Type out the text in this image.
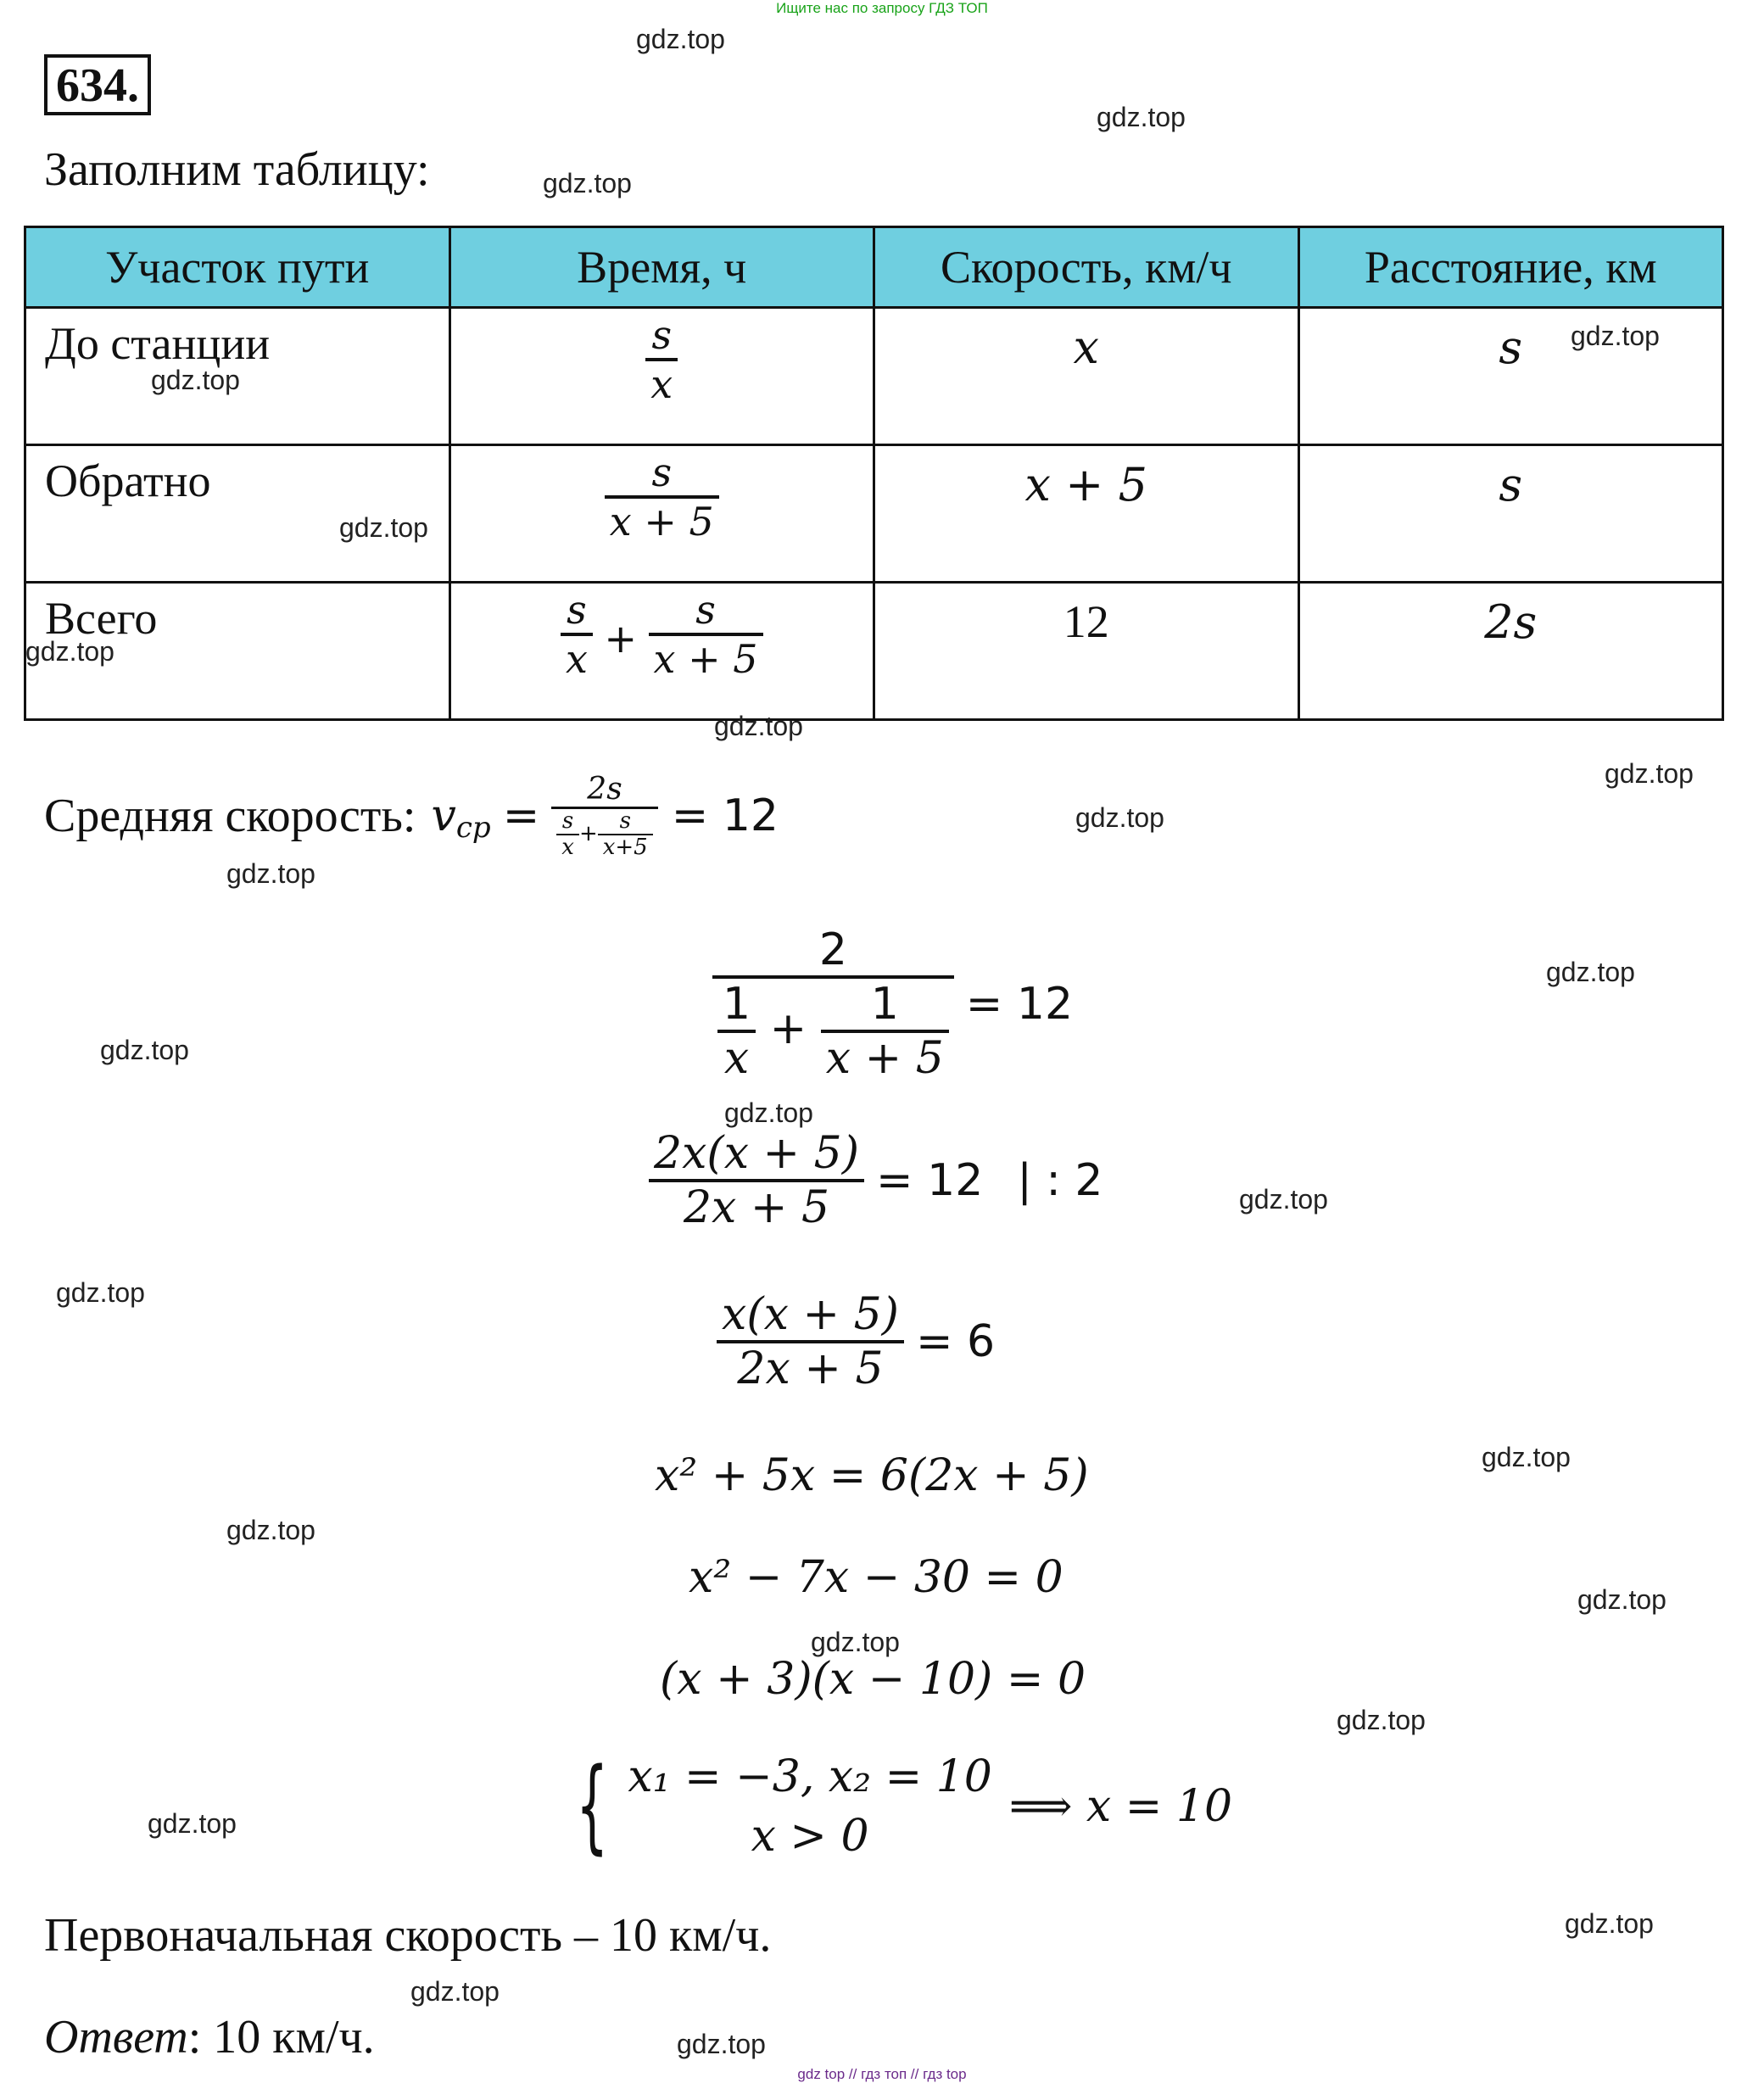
Ищите нас по запросу ГДЗ ТОП
634.
Заполним таблицу:
Участок пути	Время, ч	Скорость, км/ч	Расстояние, км
До станции	$\frac{s}{x}$	x	s
Обратно	$\frac{s}{x + 5}$	x + 5	s
Всего	$\frac{s}{x} + \frac{s}{x + 5}$	12	2s
Средняя скорость: v ср = $\frac{2s}{\frac{s}{x} + \frac{s}{x+5}} = 12$
$\frac{2}{\frac{1}{x} + \frac{1}{x + 5}} = 12$
$\frac{2x(x + 5)}{2x + 5} = 12$ | : 2
$\frac{x(x + 5)}{2x + 5} = 6$
x² + 5x = 6(2x + 5)
x² − 7x − 30 = 0
(x + 3)(x − 10) = 0
{ x₁ = −3, x₂ = 10
x > 0
⟹ x = 10
Первоначальная скорость – 10 км/ч.
Ответ: 10 км/ч.
gdz.top
gdz.top
gdz.top
gdz.top
gdz.top
gdz.top
gdz.top
gdz.top
gdz.top
gdz.top
gdz.top
gdz.top
gdz.top
gdz.top
gdz.top
gdz.top
gdz.top
gdz.top
gdz.top
gdz.top
gdz.top
gdz.top
gdz.top
gdz.top
gdz.top
gdz top // гдз топ // гдз top
